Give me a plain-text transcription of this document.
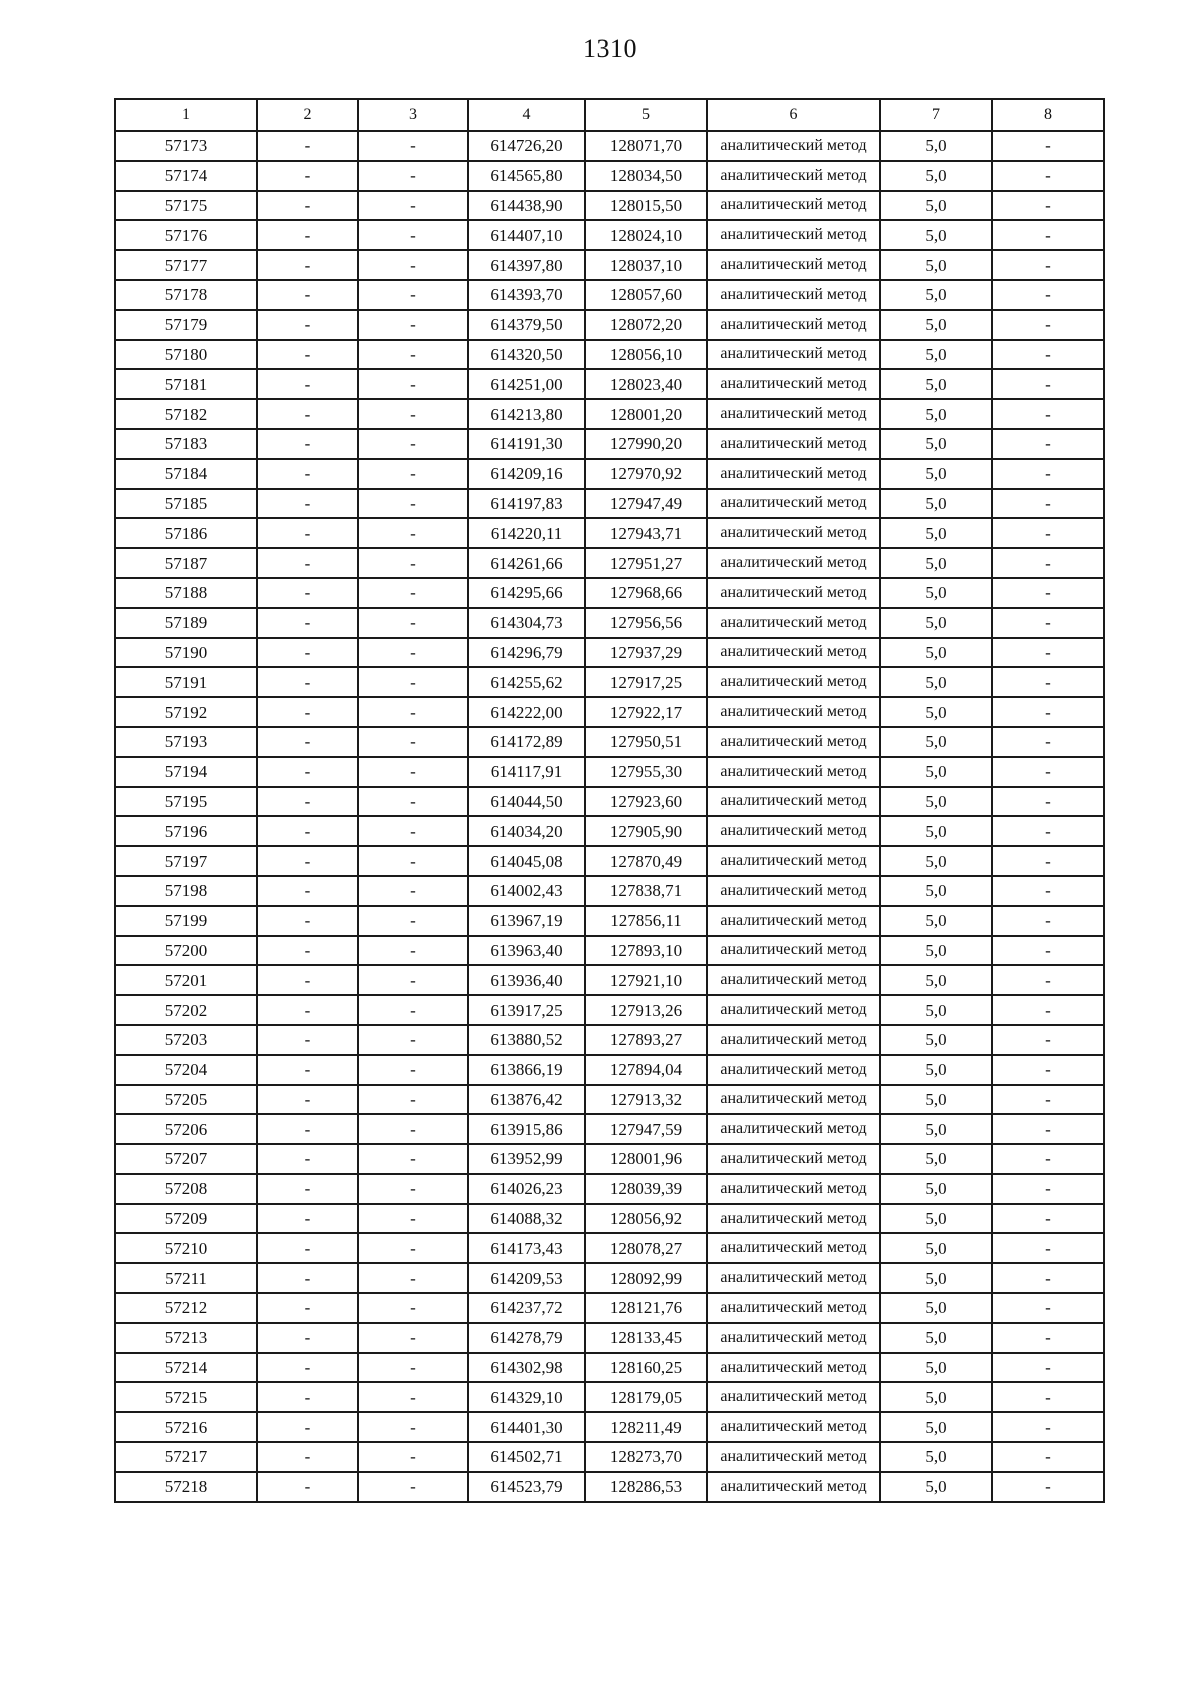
1310
1	2	3	4	5	6	7	8
57173	-	-	614726,20	128071,70	аналитический метод	5,0	-
57174	-	-	614565,80	128034,50	аналитический метод	5,0	-
57175	-	-	614438,90	128015,50	аналитический метод	5,0	-
57176	-	-	614407,10	128024,10	аналитический метод	5,0	-
57177	-	-	614397,80	128037,10	аналитический метод	5,0	-
57178	-	-	614393,70	128057,60	аналитический метод	5,0	-
57179	-	-	614379,50	128072,20	аналитический метод	5,0	-
57180	-	-	614320,50	128056,10	аналитический метод	5,0	-
57181	-	-	614251,00	128023,40	аналитический метод	5,0	-
57182	-	-	614213,80	128001,20	аналитический метод	5,0	-
57183	-	-	614191,30	127990,20	аналитический метод	5,0	-
57184	-	-	614209,16	127970,92	аналитический метод	5,0	-
57185	-	-	614197,83	127947,49	аналитический метод	5,0	-
57186	-	-	614220,11	127943,71	аналитический метод	5,0	-
57187	-	-	614261,66	127951,27	аналитический метод	5,0	-
57188	-	-	614295,66	127968,66	аналитический метод	5,0	-
57189	-	-	614304,73	127956,56	аналитический метод	5,0	-
57190	-	-	614296,79	127937,29	аналитический метод	5,0	-
57191	-	-	614255,62	127917,25	аналитический метод	5,0	-
57192	-	-	614222,00	127922,17	аналитический метод	5,0	-
57193	-	-	614172,89	127950,51	аналитический метод	5,0	-
57194	-	-	614117,91	127955,30	аналитический метод	5,0	-
57195	-	-	614044,50	127923,60	аналитический метод	5,0	-
57196	-	-	614034,20	127905,90	аналитический метод	5,0	-
57197	-	-	614045,08	127870,49	аналитический метод	5,0	-
57198	-	-	614002,43	127838,71	аналитический метод	5,0	-
57199	-	-	613967,19	127856,11	аналитический метод	5,0	-
57200	-	-	613963,40	127893,10	аналитический метод	5,0	-
57201	-	-	613936,40	127921,10	аналитический метод	5,0	-
57202	-	-	613917,25	127913,26	аналитический метод	5,0	-
57203	-	-	613880,52	127893,27	аналитический метод	5,0	-
57204	-	-	613866,19	127894,04	аналитический метод	5,0	-
57205	-	-	613876,42	127913,32	аналитический метод	5,0	-
57206	-	-	613915,86	127947,59	аналитический метод	5,0	-
57207	-	-	613952,99	128001,96	аналитический метод	5,0	-
57208	-	-	614026,23	128039,39	аналитический метод	5,0	-
57209	-	-	614088,32	128056,92	аналитический метод	5,0	-
57210	-	-	614173,43	128078,27	аналитический метод	5,0	-
57211	-	-	614209,53	128092,99	аналитический метод	5,0	-
57212	-	-	614237,72	128121,76	аналитический метод	5,0	-
57213	-	-	614278,79	128133,45	аналитический метод	5,0	-
57214	-	-	614302,98	128160,25	аналитический метод	5,0	-
57215	-	-	614329,10	128179,05	аналитический метод	5,0	-
57216	-	-	614401,30	128211,49	аналитический метод	5,0	-
57217	-	-	614502,71	128273,70	аналитический метод	5,0	-
57218	-	-	614523,79	128286,53	аналитический метод	5,0	-
